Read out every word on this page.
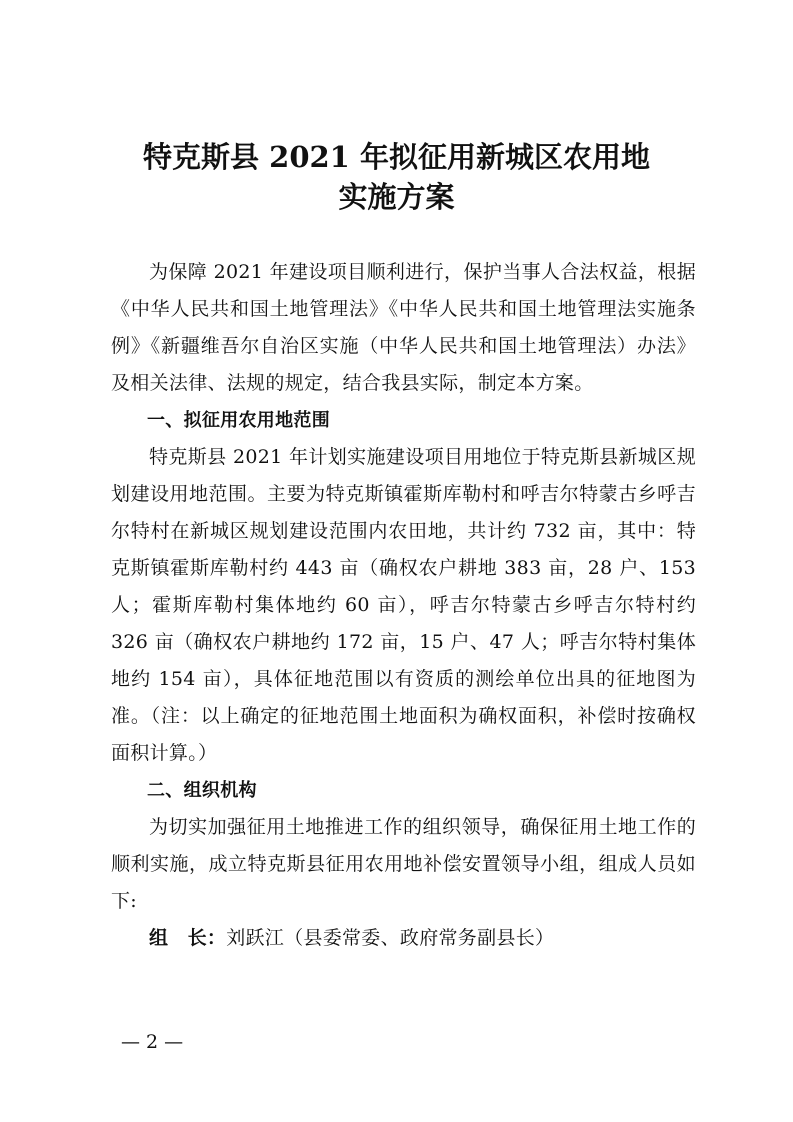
特克斯县 2021 年拟征用新城区农用地
实施方案

为保障 2021 年建设项目顺利进行，保护当事人合法权益，根据《中华人民共和国土地管理法》《中华人民共和国土地管理法实施条例》《新疆维吾尔自治区实施（中华人民共和国土地管理法）办法》及相关法律、法规的规定，结合我县实际，制定本方案。

一、拟征用农用地范围

特克斯县 2021 年计划实施建设项目用地位于特克斯县新城区规划建设用地范围。主要为特克斯镇霍斯库勒村和呼吉尔特蒙古乡呼吉尔特村在新城区规划建设范围内农田地，共计约 732 亩，其中：特克斯镇霍斯库勒村约 443 亩（确权农户耕地 383 亩，28 户、153 人；霍斯库勒村集体地约 60 亩），呼吉尔特蒙古乡呼吉尔特村约 326 亩（确权农户耕地约 172 亩，15 户、47 人；呼吉尔特村集体地约 154 亩），具体征地范围以有资质的测绘单位出具的征地图为准。（注：以上确定的征地范围土地面积为确权面积，补偿时按确权面积计算。）

二、组织机构

为切实加强征用土地推进工作的组织领导，确保征用土地工作的顺利实施，成立特克斯县征用农用地补偿安置领导小组，组成人员如下:

组　长：刘跃江（县委常委、政府常务副县长）

— 2 —
